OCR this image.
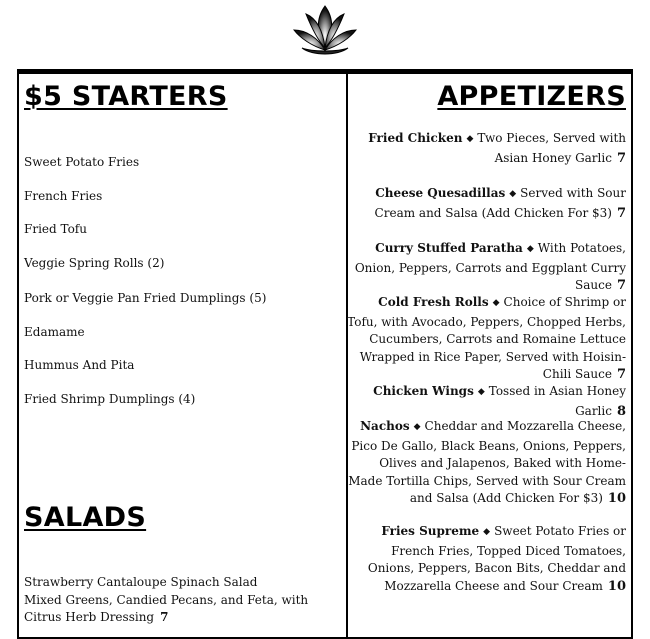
$5 STARTERS
Sweet Potato Fries
French Fries
Fried Tofu
Veggie Spring Rolls (2)
Pork or Veggie Pan Fried Dumplings (5)
Edamame
Hummus And Pita
Fried Shrimp Dumplings (4)
SALADS
Strawberry Cantaloupe Spinach Salad
Mixed Greens, Candied Pecans, and Feta, with Citrus Herb Dressing 7
APPETIZERS
Fried Chicken ◆ Two Pieces, Served with Asian Honey Garlic 7
Cheese Quesadillas ◆ Served with Sour Cream and Salsa (Add Chicken For $3) 7
Curry Stuffed Paratha ◆ With Potatoes, Onion, Peppers, Carrots and Eggplant Curry Sauce 7
Cold Fresh Rolls ◆ Choice of Shrimp or Tofu, with Avocado, Peppers, Chopped Herbs, Cucumbers, Carrots and Romaine Lettuce Wrapped in Rice Paper, Served with Hoisin-Chili Sauce 7
Chicken Wings ◆ Tossed in Asian Honey Garlic 8
Nachos ◆ Cheddar and Mozzarella Cheese, Pico De Gallo, Black Beans, Onions, Peppers, Olives and Jalapenos, Baked with Home-Made Tortilla Chips, Served with Sour Cream and Salsa (Add Chicken For $3) 10
Fries Supreme ◆ Sweet Potato Fries or French Fries, Topped Diced Tomatoes, Onions, Peppers, Bacon Bits, Cheddar and Mozzarella Cheese and Sour Cream 10
